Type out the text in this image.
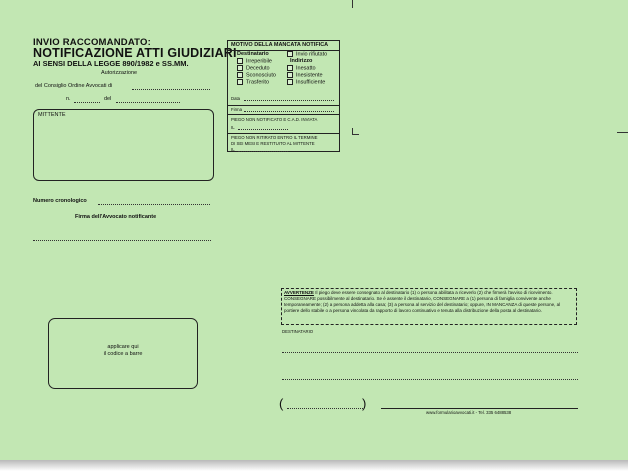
INVIO RACCOMANDATO:
NOTIFICAZIONE ATTI GIUDIZIARI
AI SENSI DELLA LEGGE 890/1982 e SS.MM.
Autorizzazione
del Consiglio Ordine Avvocati di
n.	del
MITTENTE
Numero cronologico
Firma dell'Avvocato notificante
applicare qui
il codice a barre
MOTIVO DELLA MANCATA NOTIFICA
Destinatario
Irreperibile
Deceduto
Sconosciuto
Trasferito
Invio rifiutato
Indirizzo
Inesatto
Inesistente
Insufficiente
Data
Firma
PIEGO NON NOTIFICATO E C.A.D. INVIATA
IL
PIEGO NON RITIRATO ENTRO IL TERMINE
DI SEI MESI E RESTITUITO AL MITTENTE
IL
AVVERTENZE Il piego deve essere consegnato al destinatario (1) o persona abilitata a riceverlo (2) che firmerà l'avviso di ricevimento. CONSEGNARE possibilmente al destinatario. Se è assente il destinatario, CONSEGNARE a (1) persona di famiglia convivente anche temporaneamente; (2) a persona addetta alla casa; (3) a persona al servizio del destinatario; oppure, IN MANCANZA di queste persone, al portiere dello stabile o a persona vincolata da rapporto di lavoro continuativo e tenuta alla distribuzione della posta al destinatario.
DESTINATARIO
(	)
www.formularioavvocati.it - Tel. 335 6488538
